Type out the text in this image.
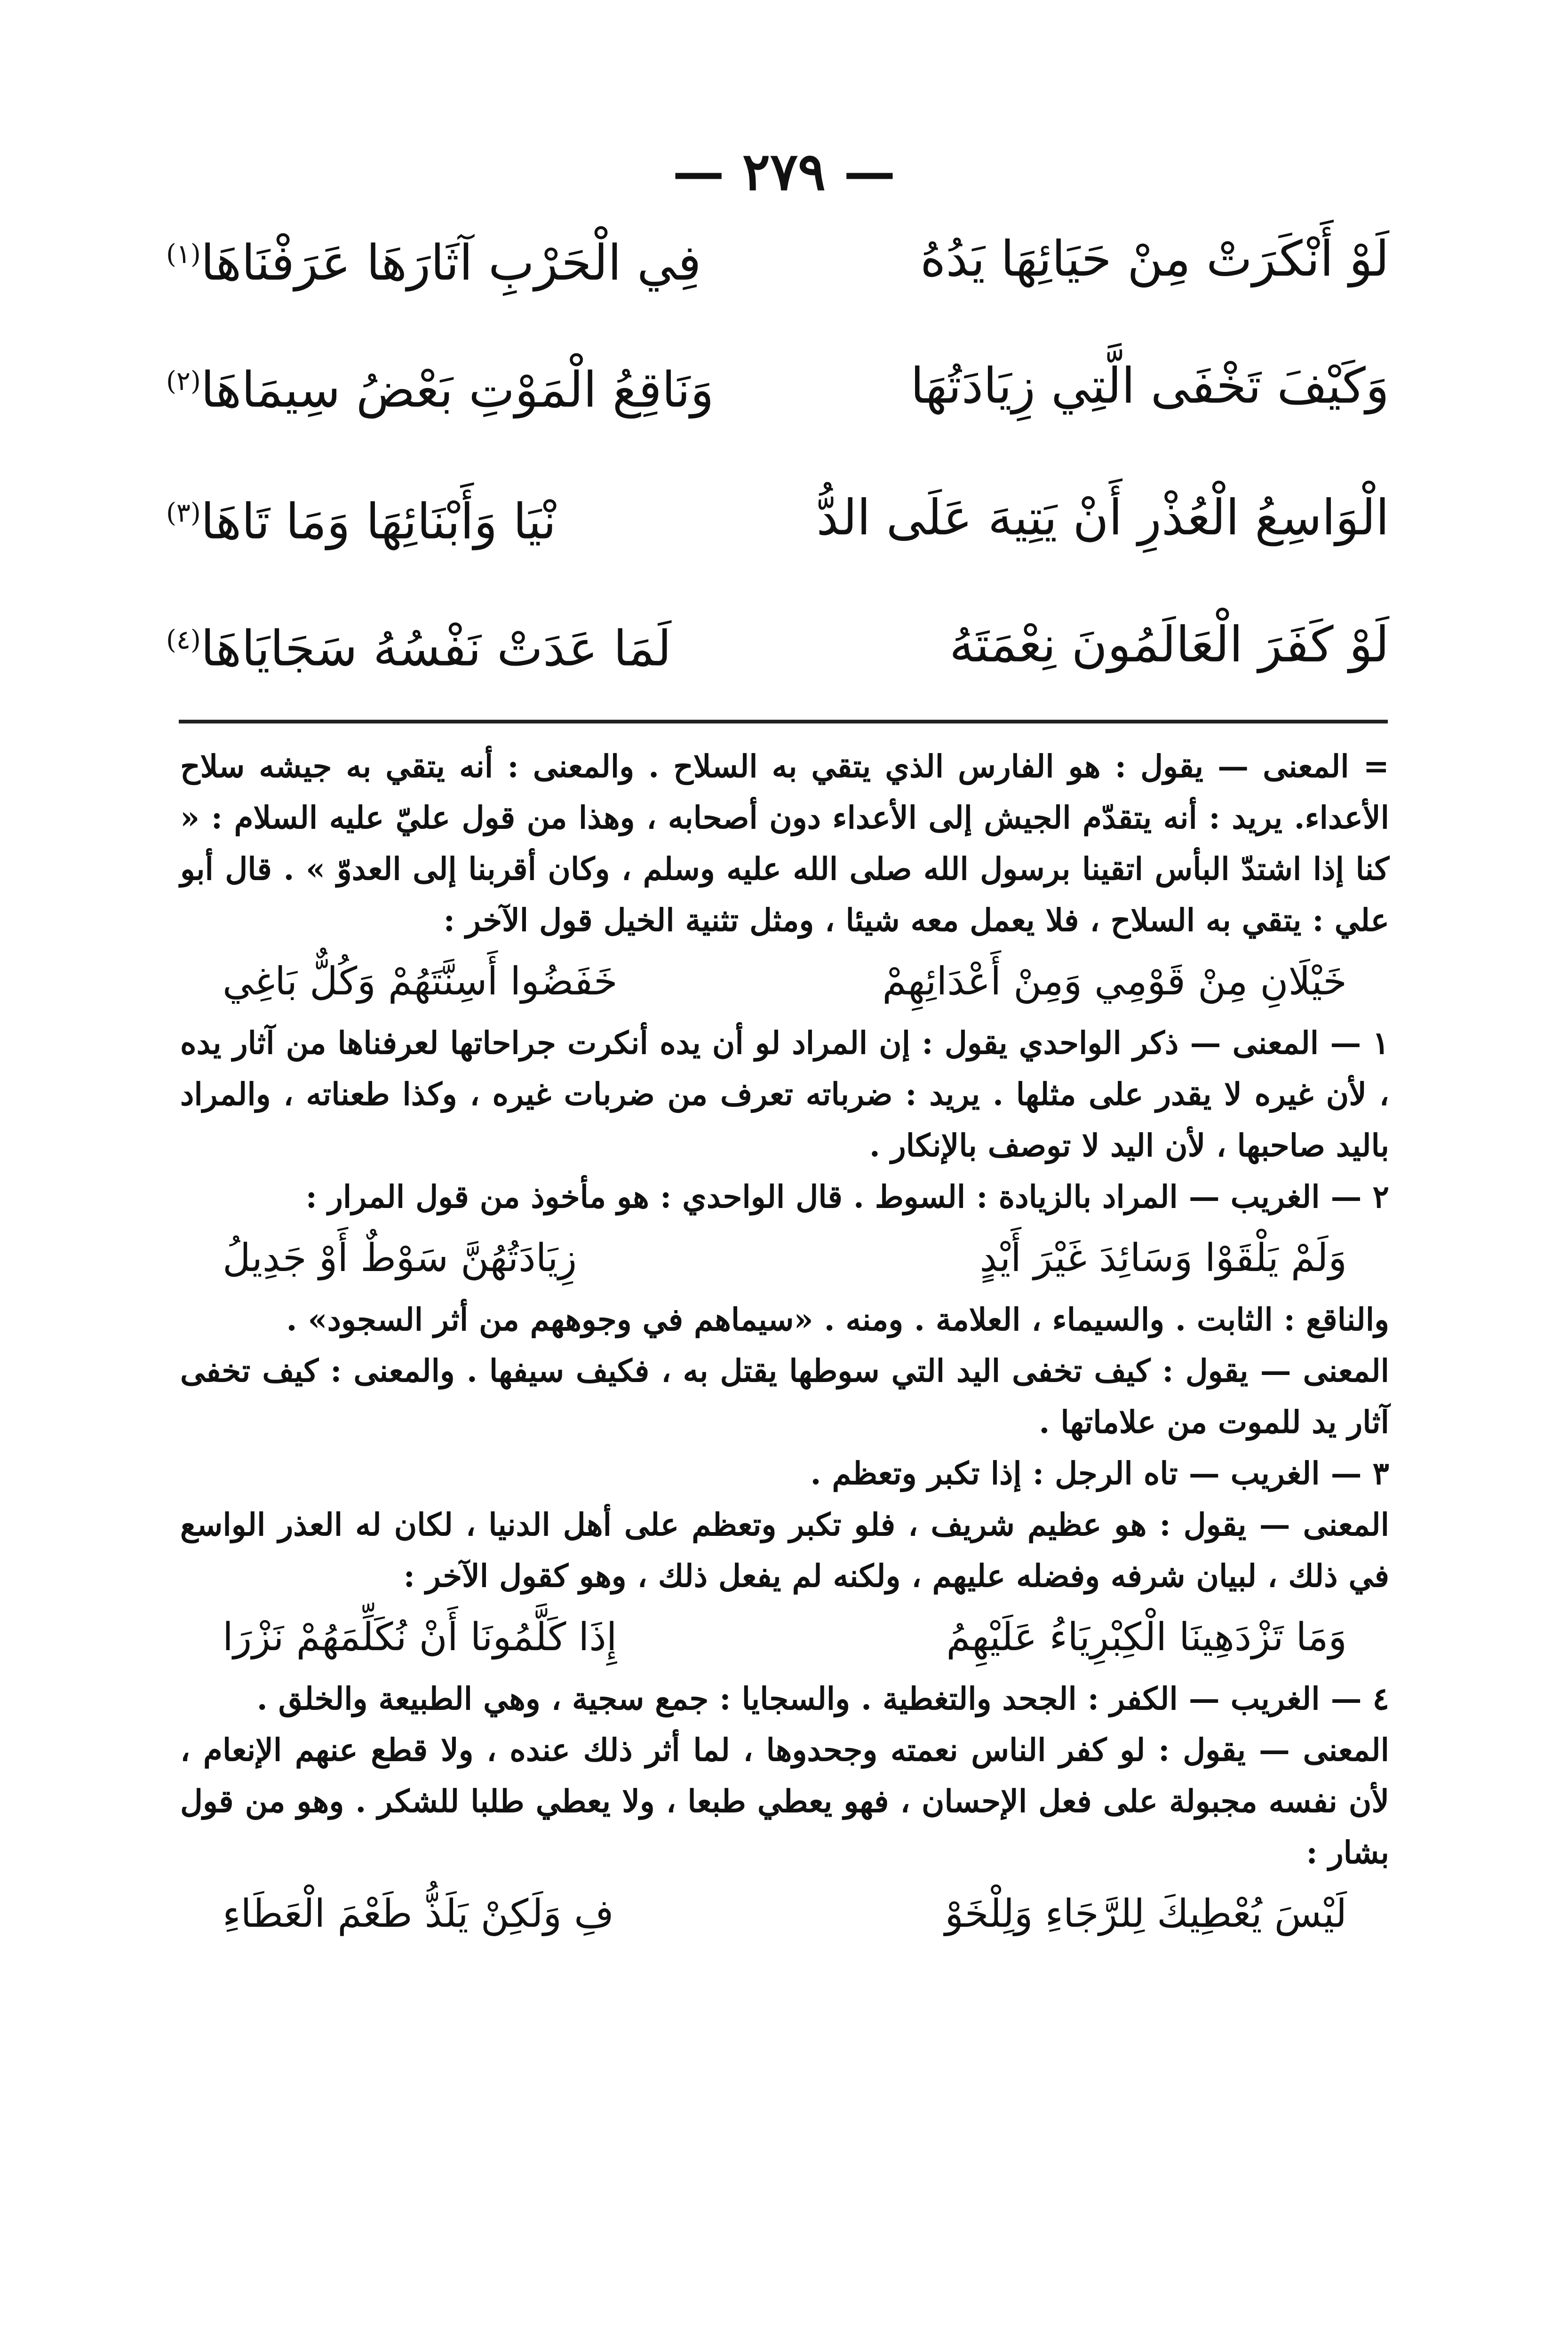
— ٢٧٩ —
لَوْ أَنْكَرَتْ مِنْ حَيَائِهَا يَدُهُ
فِي الْحَرْبِ آثَارَهَا عَرَفْنَاهَا$^{(١)}$
وَكَيْفَ تَخْفَى الَّتِي زِيَادَتُهَا
وَنَاقِعُ الْمَوْتِ بَعْضُ سِيمَاهَا$^{(٢)}$
الْوَاسِعُ الْعُذْرِ أَنْ يَتِيهَ عَلَى الدُّ
نْيَا وَأَبْنَائِهَا وَمَا تَاهَا$^{(٣)}$
لَوْ كَفَرَ الْعَالَمُونَ نِعْمَتَهُ
لَمَا عَدَتْ نَفْسُهُ سَجَايَاهَا$^{(٤)}$

= المعنى — يقول : هو الفارس الذي يتقي به السلاح . والمعنى : أنه يتقي به جيشه سلاح الأعداء. يريد : أنه يتقدّم الجيش إلى الأعداء دون أصحابه ، وهذا من قول عليّ عليه السلام : « كنا إذا اشتدّ البأس اتقينا برسول الله صلى الله عليه وسلم ، وكان أقربنا إلى العدوّ » . قال أبو علي : يتقي به السلاح ، فلا يعمل معه شيئا ، ومثل تثنية الخيل قول الآخر :

خَيْلَانِ مِنْ قَوْمِي وَمِنْ أَعْدَائِهِمْ
خَفَضُوا أَسِنَّتَهُمْ وَكُلٌّ بَاغِي

١ — المعنى — ذكر الواحدي يقول : إن المراد لو أن يده أنكرت جراحاتها لعرفناها من آثار يده ، لأن غيره لا يقدر على مثلها . يريد : ضرباته تعرف من ضربات غيره ، وكذا طعناته ، والمراد باليد صاحبها ، لأن اليد لا توصف بالإنكار .

٢ — الغريب — المراد بالزيادة : السوط . قال الواحدي : هو مأخوذ من قول المرار :

وَلَمْ يَلْقَوْا وَسَائِدَ غَيْرَ أَيْدٍ
زِيَادَتُهُنَّ سَوْطٌ أَوْ جَدِيلُ

والناقع : الثابت . والسيماء ، العلامة . ومنه . «سيماهم في وجوههم من أثر السجود» .

المعنى — يقول : كيف تخفى اليد التي سوطها يقتل به ، فكيف سيفها . والمعنى : كيف تخفى آثار يد للموت من علاماتها .

٣ — الغريب — تاه الرجل : إذا تكبر وتعظم .

المعنى — يقول : هو عظيم شريف ، فلو تكبر وتعظم على أهل الدنيا ، لكان له العذر الواسع في ذلك ، لبيان شرفه وفضله عليهم ، ولكنه لم يفعل ذلك ، وهو كقول الآخر :

وَمَا تَزْدَهِينَا الْكِبْرِيَاءُ عَلَيْهِمُ
إِذَا كَلَّمُونَا أَنْ نُكَلِّمَهُمْ نَزْرَا

٤ — الغريب — الكفر : الجحد والتغطية . والسجايا : جمع سجية ، وهي الطبيعة والخلق .

المعنى — يقول : لو كفر الناس نعمته وجحدوها ، لما أثر ذلك عنده ، ولا قطع عنهم الإنعام ، لأن نفسه مجبولة على فعل الإحسان ، فهو يعطي طبعا ، ولا يعطي طلبا للشكر . وهو من قول بشار :

لَيْسَ يُعْطِيكَ لِلرَّجَاءِ وَلِلْخَوْ
فِ وَلَكِنْ يَلَذُّ طَعْمَ الْعَطَاءِ
